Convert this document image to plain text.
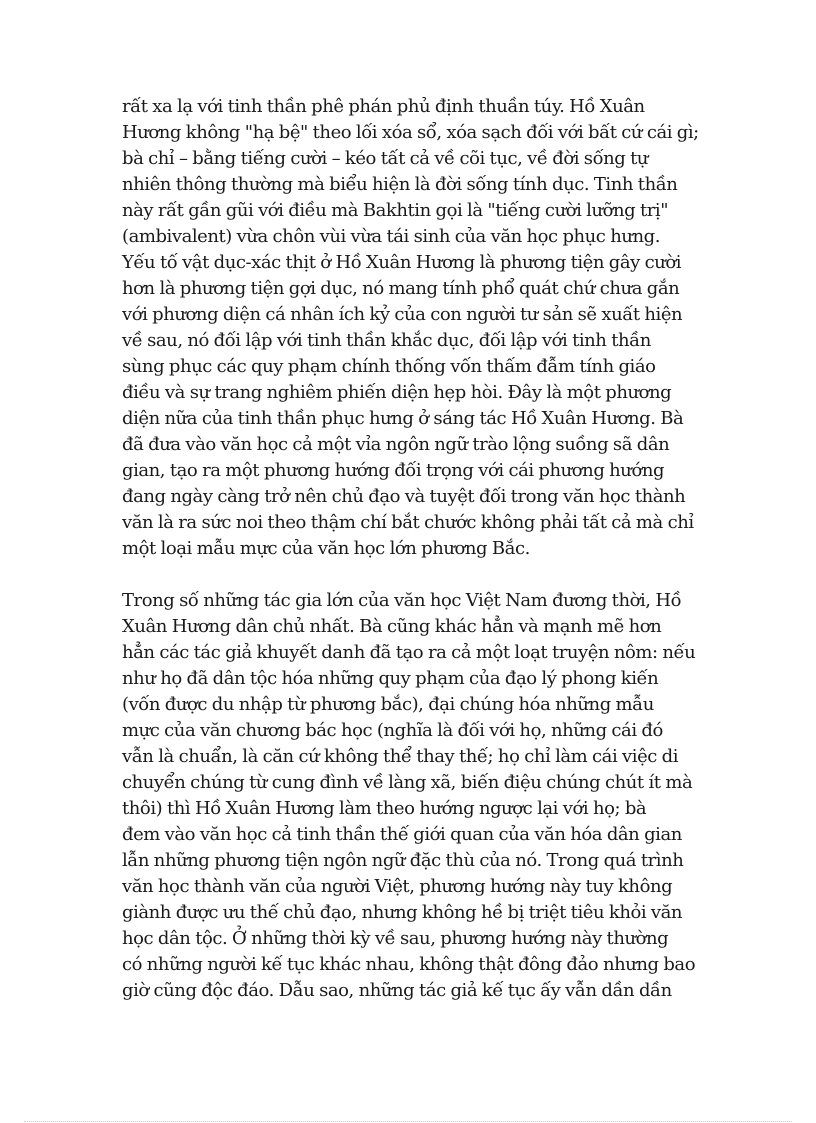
rất xa lạ với tinh thần phê phán phủ định thuần túy. Hồ Xuân
Hương không "hạ bệ" theo lối xóa sổ, xóa sạch đối với bất cứ cái gì;
bà chỉ – bằng tiếng cười – kéo tất cả về cõi tục, về đời sống tự
nhiên thông thường mà biểu hiện là đời sống tính dục. Tinh thần
này rất gần gũi với điều mà Bakhtin gọi là "tiếng cười lưỡng trị"
(ambivalent) vừa chôn vùi vừa tái sinh của văn học phục hưng.
Yếu tố vật dục-xác thịt ở Hồ Xuân Hương là phương tiện gây cười
hơn là phương tiện gợi dục, nó mang tính phổ quát chứ chưa gắn
với phương diện cá nhân ích kỷ của con người tư sản sẽ xuất hiện
về sau, nó đối lập với tinh thần khắc dục, đối lập với tinh thần
sùng phục các quy phạm chính thống vốn thấm đẫm tính giáo
điều và sự trang nghiêm phiến diện hẹp hòi. Đây là một phương
diện nữa của tinh thần phục hưng ở sáng tác Hồ Xuân Hương. Bà
đã đưa vào văn học cả một vỉa ngôn ngữ trào lộng suồng sã dân
gian, tạo ra một phương hướng đối trọng với cái phương hướng
đang ngày càng trở nên chủ đạo và tuyệt đối trong văn học thành
văn là ra sức noi theo thậm chí bắt chước không phải tất cả mà chỉ
một loại mẫu mực của văn học lớn phương Bắc.

Trong số những tác gia lớn của văn học Việt Nam đương thời, Hồ
Xuân Hương dân chủ nhất. Bà cũng khác hẳn và mạnh mẽ hơn
hẳn các tác giả khuyết danh đã tạo ra cả một loạt truyện nôm: nếu
như họ đã dân tộc hóa những quy phạm của đạo lý phong kiến
(vốn được du nhập từ phương bắc), đại chúng hóa những mẫu
mực của văn chương bác học (nghĩa là đối với họ, những cái đó
vẫn là chuẩn, là căn cứ không thể thay thế; họ chỉ làm cái việc di
chuyển chúng từ cung đình về làng xã, biến điệu chúng chút ít mà
thôi) thì Hồ Xuân Hương làm theo hướng ngược lại với họ; bà
đem vào văn học cả tinh thần thế giới quan của văn hóa dân gian
lẫn những phương tiện ngôn ngữ đặc thù của nó. Trong quá trình
văn học thành văn của người Việt, phương hướng này tuy không
giành được ưu thế chủ đạo, nhưng không hề bị triệt tiêu khỏi văn
học dân tộc. Ở những thời kỳ về sau, phương hướng này thường
có những người kế tục khác nhau, không thật đông đảo nhưng bao
giờ cũng độc đáo. Dẫu sao, những tác giả kế tục ấy vẫn dần dần
